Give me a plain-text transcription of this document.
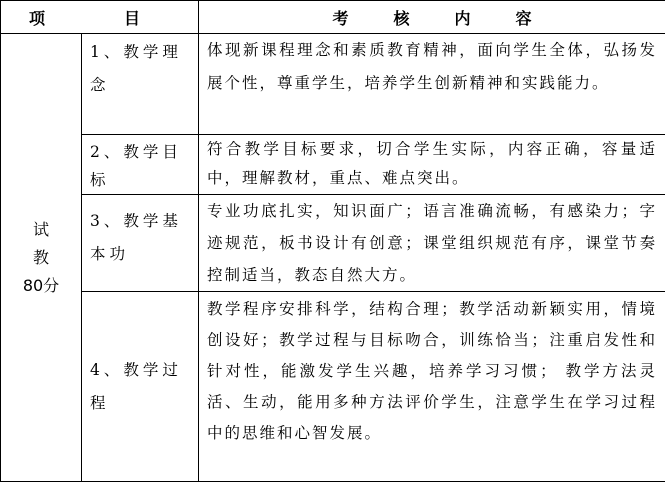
项 目		考 核 内 容

试
教
80分	1、教学理念	体现新课程理念和素质教育精神，面向学生全体，弘扬发展个性，尊重学生，培养学生创新精神和实践能力。
	2、教学目标	符合教学目标要求，切合学生实际，内容正确，容量适中，理解教材，重点、难点突出。
	3、教学基本功	专业功底扎实，知识面广；语言准确流畅，有感染力；字迹规范，板书设计有创意；课堂组织规范有序，课堂节奏控制适当，教态自然大方。
	4、教学过程	教学程序安排科学，结构合理；教学活动新颖实用，情境创设好；教学过程与目标吻合，训练恰当；注重启发性和针对性，能激发学生兴趣，培养学习习惯； 教学方法灵活、生动，能用多种方法评价学生，注意学生在学习过程中的思维和心智发展。
